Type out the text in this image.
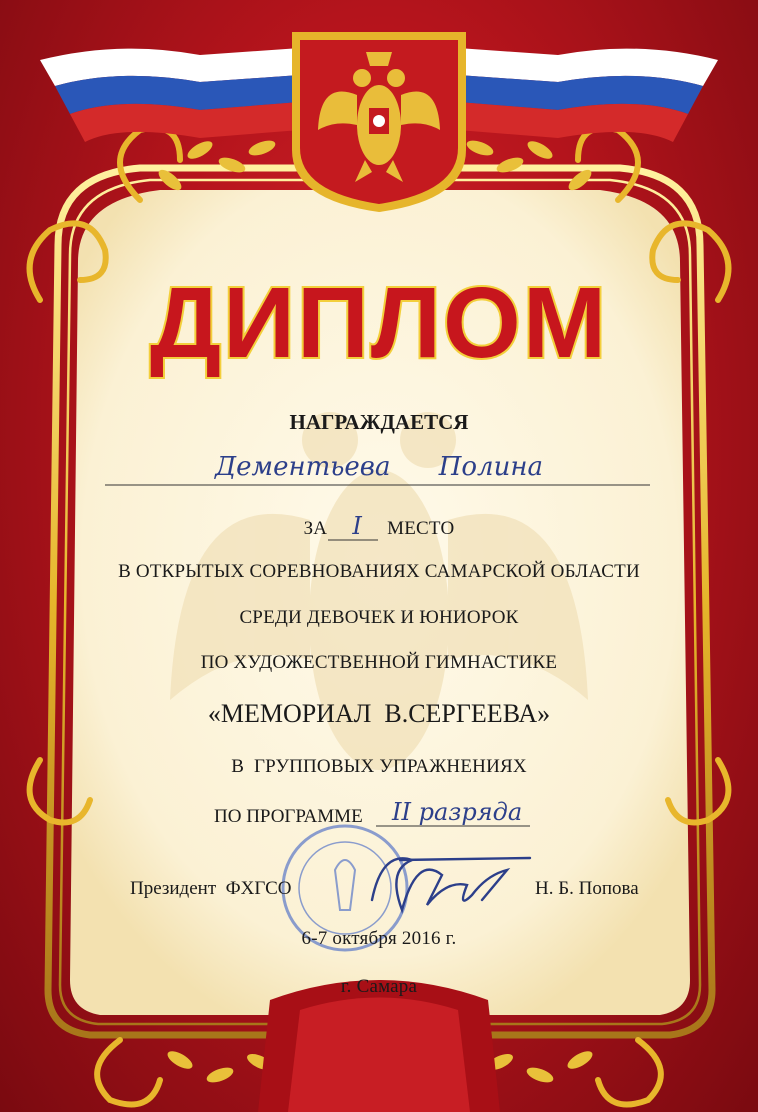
ДИПЛОМ
НАГРАЖДАЕТСЯ
Дементьева Полина
ЗА I МЕСТО
В ОТКРЫТЫХ СОРЕВНОВАНИЯХ САМАРСКОЙ ОБЛАСТИ
СРЕДИ ДЕВОЧЕК И ЮНИОРОК
ПО ХУДОЖЕСТВЕННОЙ ГИМНАСТИКЕ
«МЕМОРИАЛ  В.СЕРГЕЕВА»
В  ГРУППОВЫХ УПРАЖНЕНИЯХ
ПО ПРОГРАММЕ II разряда
Президент  ФХГСО	Н. Б. Попова
6-7 октября 2016 г.
г. Самара
